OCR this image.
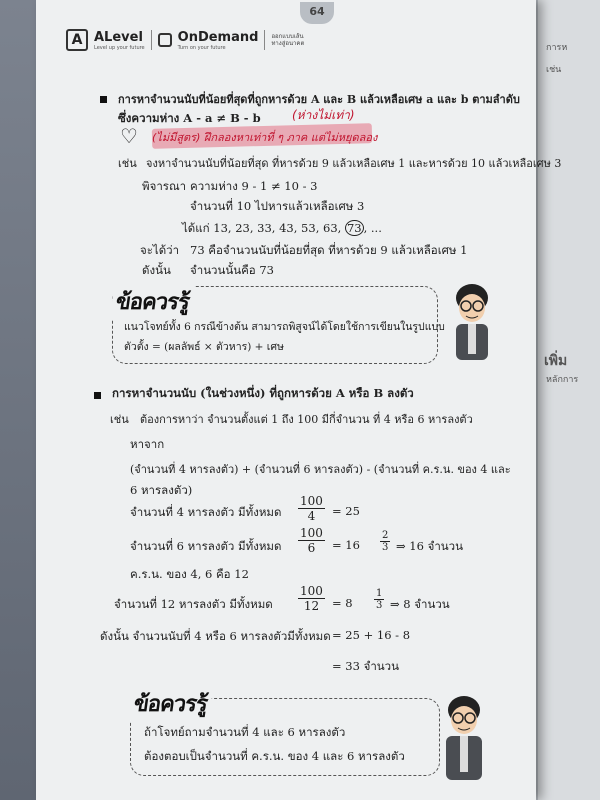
การห
เช่น
เพิ่ม
หลักการ
64
A ALevel
Level up your future
OnDemand
Turn on your future
ออกแบบเส้น ทางสู่อนาคต
การหาจำนวนนับที่น้อยที่สุดที่ถูกหารด้วย A และ B แล้วเหลือเศษ a และ b ตามลำดับ
ซึ่งความห่าง A - a ≠ B - b	(ห่างไม่เท่า)
♡ (ไม่มีสูตร) ฝึกลองหาเท่าที่ ๆ ภาค แต่ไม่หยุดลอง
เช่น จงหาจำนวนนับที่น้อยที่สุด ที่หารด้วย 9 แล้วเหลือเศษ 1 และหารด้วย 10 แล้วเหลือเศษ 3
พิจารณา ความห่าง 9 - 1 ≠ 10 - 3
จำนวนที่ 10 ไปหารแล้วเหลือเศษ 3
ได้แก่ 13, 23, 33, 43, 53, 63, 73 , ...
จะได้ว่า 73 คือจำนวนนับที่น้อยที่สุด ที่หารด้วย 9 แล้วเหลือเศษ 1
ดังนั้น จำนวนนั้นคือ 73
ข้อควรรู้
แนวโจทย์ทั้ง 6 กรณีข้างต้น สามารถพิสูจน์ได้โดยใช้การเขียนในรูปแบบ
ตัวตั้ง = (ผลลัพธ์ × ตัวหาร) + เศษ
การหาจำนวนนับ (ในช่วงหนึ่ง) ที่ถูกหารด้วย A หรือ B ลงตัว
เช่น ต้องการหาว่า จำนวนตั้งแต่ 1 ถึง 100 มีกี่จำนวน ที่ 4 หรือ 6 หารลงตัว
หาจาก
(จำนวนที่ 4 หารลงตัว) + (จำนวนที่ 6 หารลงตัว) - (จำนวนที่ ค.ร.น. ของ 4 และ
6 หารลงตัว)
จำนวนที่ 4 หารลงตัว มีทั้งหมด $\frac{100}{4} = 25$
จำนวนที่ 6 หารลงตัว มีทั้งหมด $\frac{100}{6} = 16 \frac{2}{3}$ ⇒ 16 จำนวน
ค.ร.น. ของ 4, 6 คือ 12
จำนวนที่ 12 หารลงตัว มีทั้งหมด $\frac{100}{12} = 8 \frac{1}{3}$ ⇒ 8 จำนวน
ดังนั้น จำนวนนับที่ 4 หรือ 6 หารลงตัวมีทั้งหมด = 25 + 16 - 8
= 33 จำนวน
ข้อควรรู้
ถ้าโจทย์ถามจำนวนที่ 4 และ 6 หารลงตัว
ต้องตอบเป็นจำนวนที่ ค.ร.น. ของ 4 และ 6 หารลงตัว
